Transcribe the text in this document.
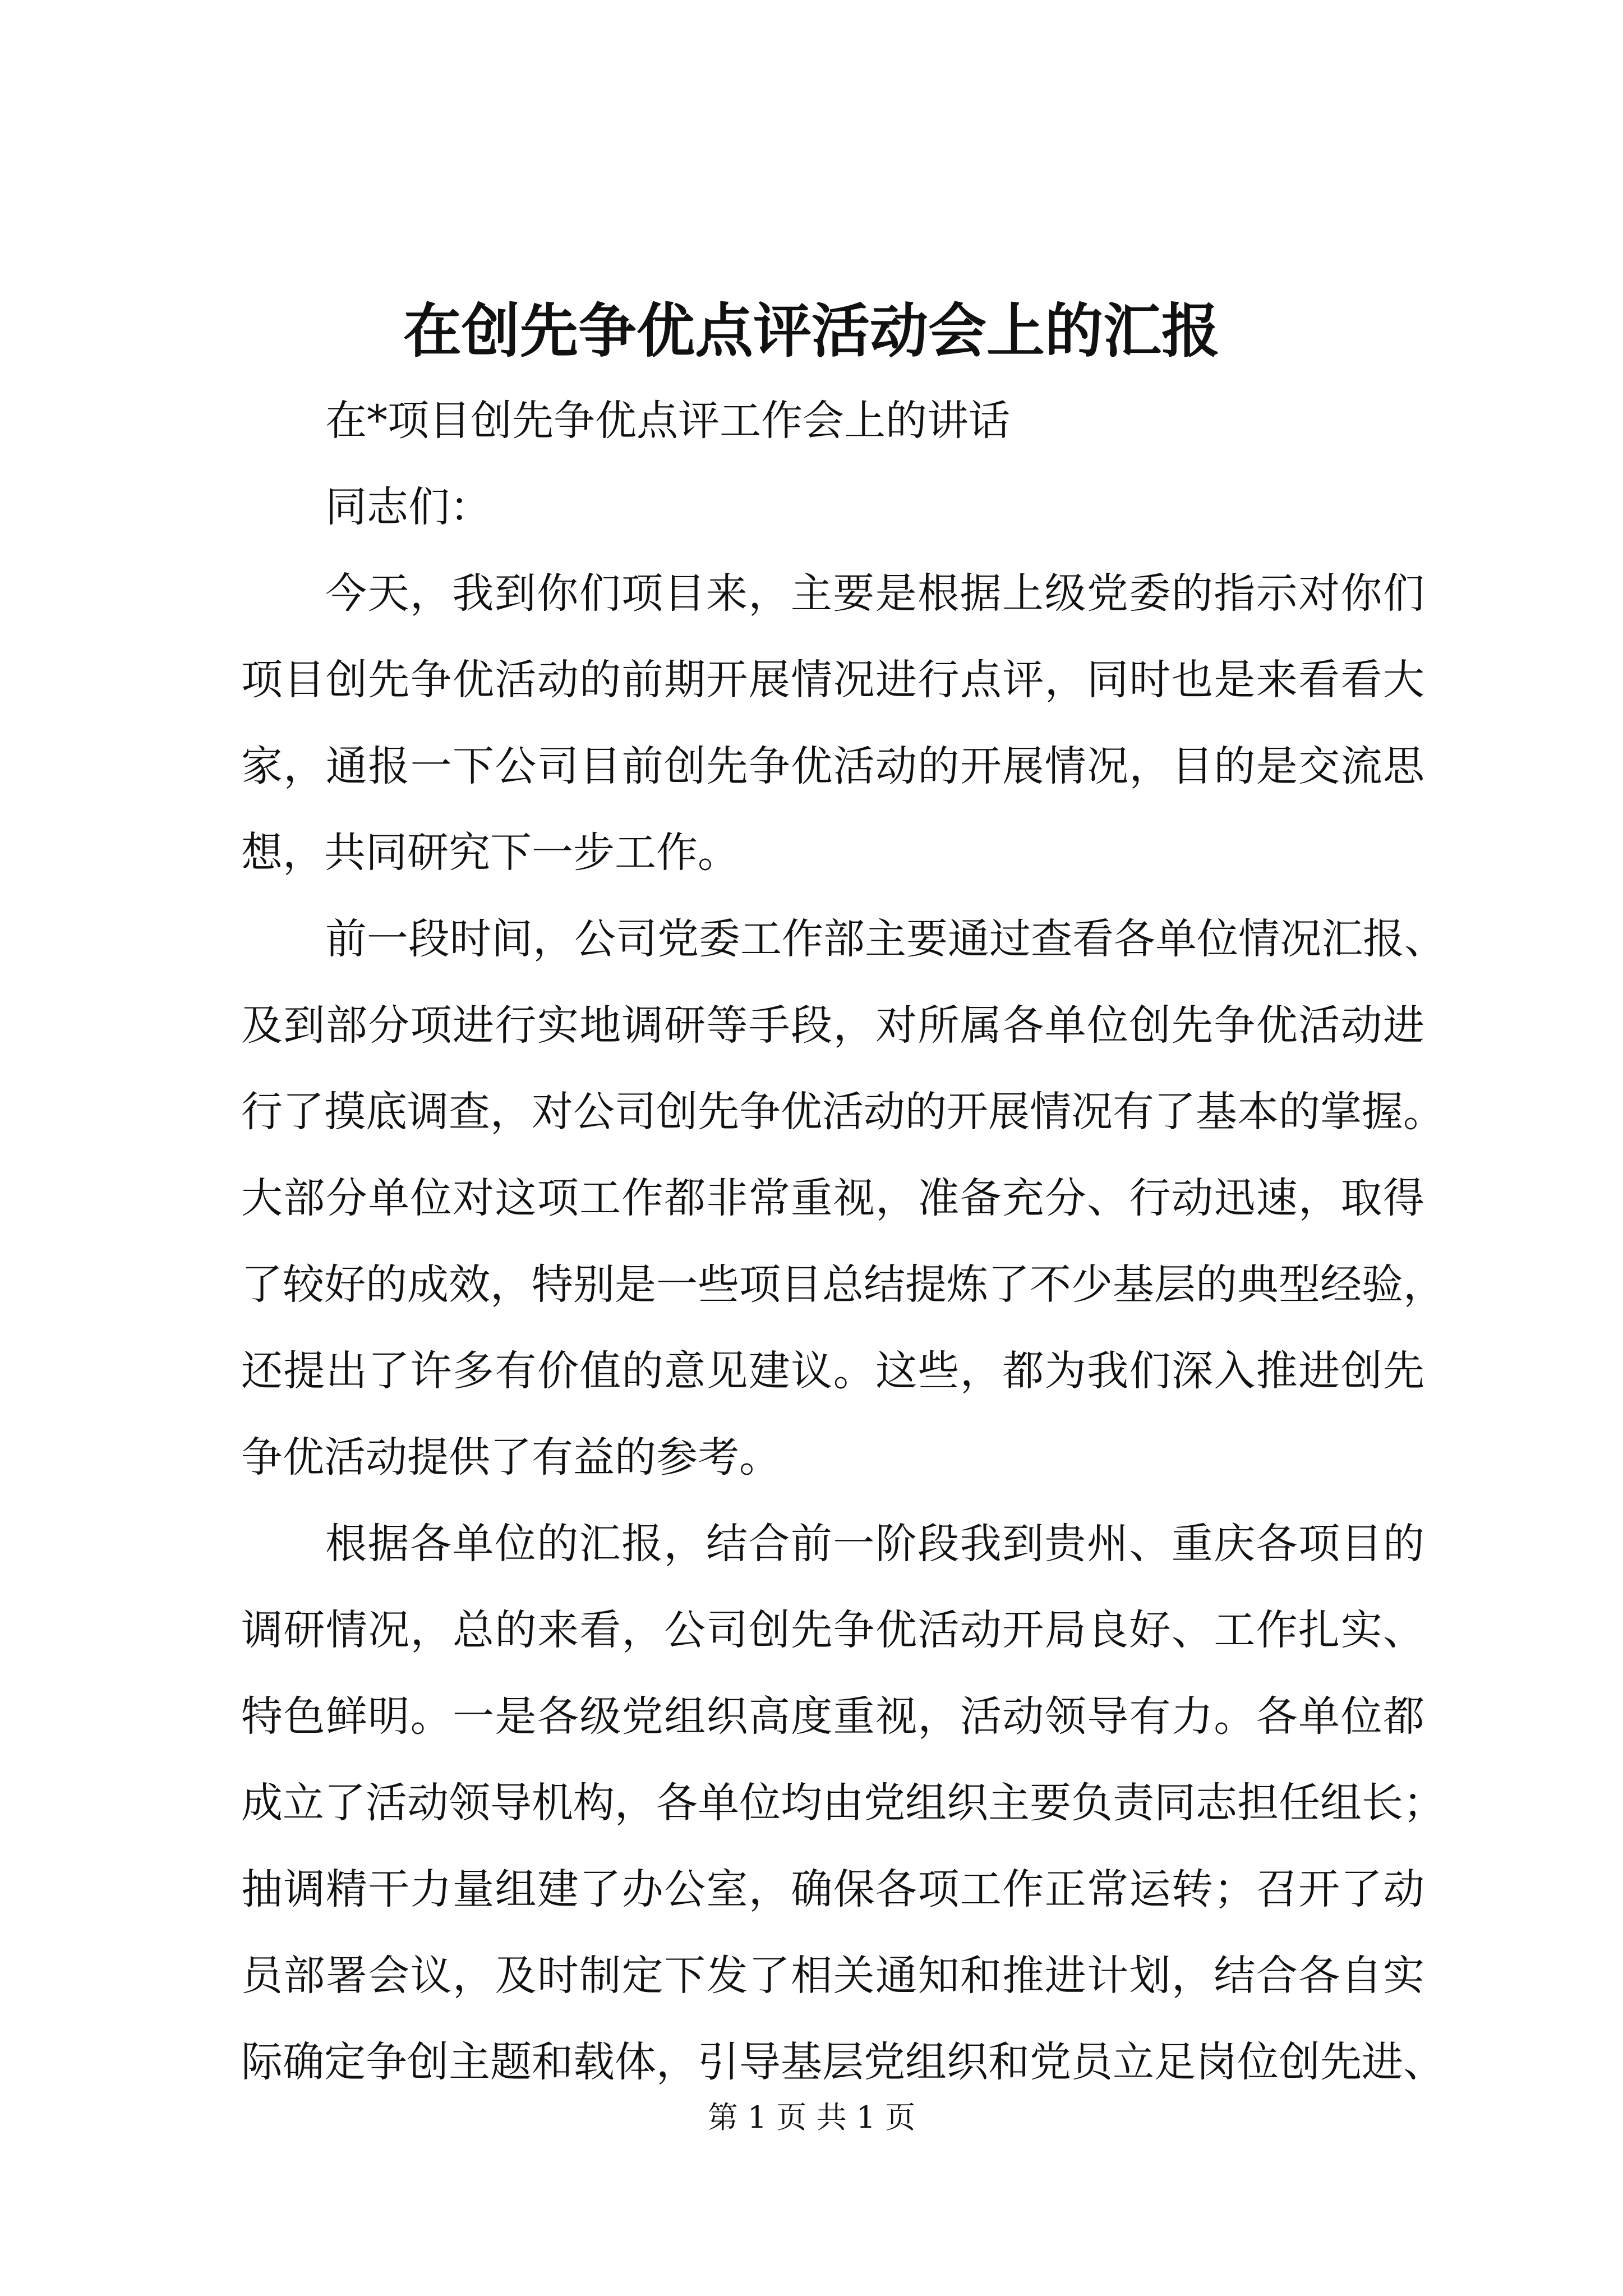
在创先争优点评活动会上的汇报

在*项目创先争优点评工作会上的讲话

同志们：

今天，我到你们项目来，主要是根据上级党委的指示对你们

项目创先争优活动的前期开展情况进行点评，同时也是来看看大

家，通报一下公司目前创先争优活动的开展情况，目的是交流思

想，共同研究下一步工作。

前一段时间，公司党委工作部主要通过查看各单位情况汇报、

及到部分项进行实地调研等手段，对所属各单位创先争优活动进

行了摸底调查，对公司创先争优活动的开展情况有了基本的掌握。

大部分单位对这项工作都非常重视，准备充分、行动迅速，取得

了较好的成效，特别是一些项目总结提炼了不少基层的典型经验，

还提出了许多有价值的意见建议。这些，都为我们深入推进创先

争优活动提供了有益的参考。

根据各单位的汇报，结合前一阶段我到贵州、重庆各项目的

调研情况，总的来看，公司创先争优活动开局良好、工作扎实、

特色鲜明。一是各级党组织高度重视，活动领导有力。各单位都

成立了活动领导机构，各单位均由党组织主要负责同志担任组长；

抽调精干力量组建了办公室，确保各项工作正常运转；召开了动

员部署会议，及时制定下发了相关通知和推进计划，结合各自实

际确定争创主题和载体，引导基层党组织和党员立足岗位创先进、

第 1 页 共 1 页
